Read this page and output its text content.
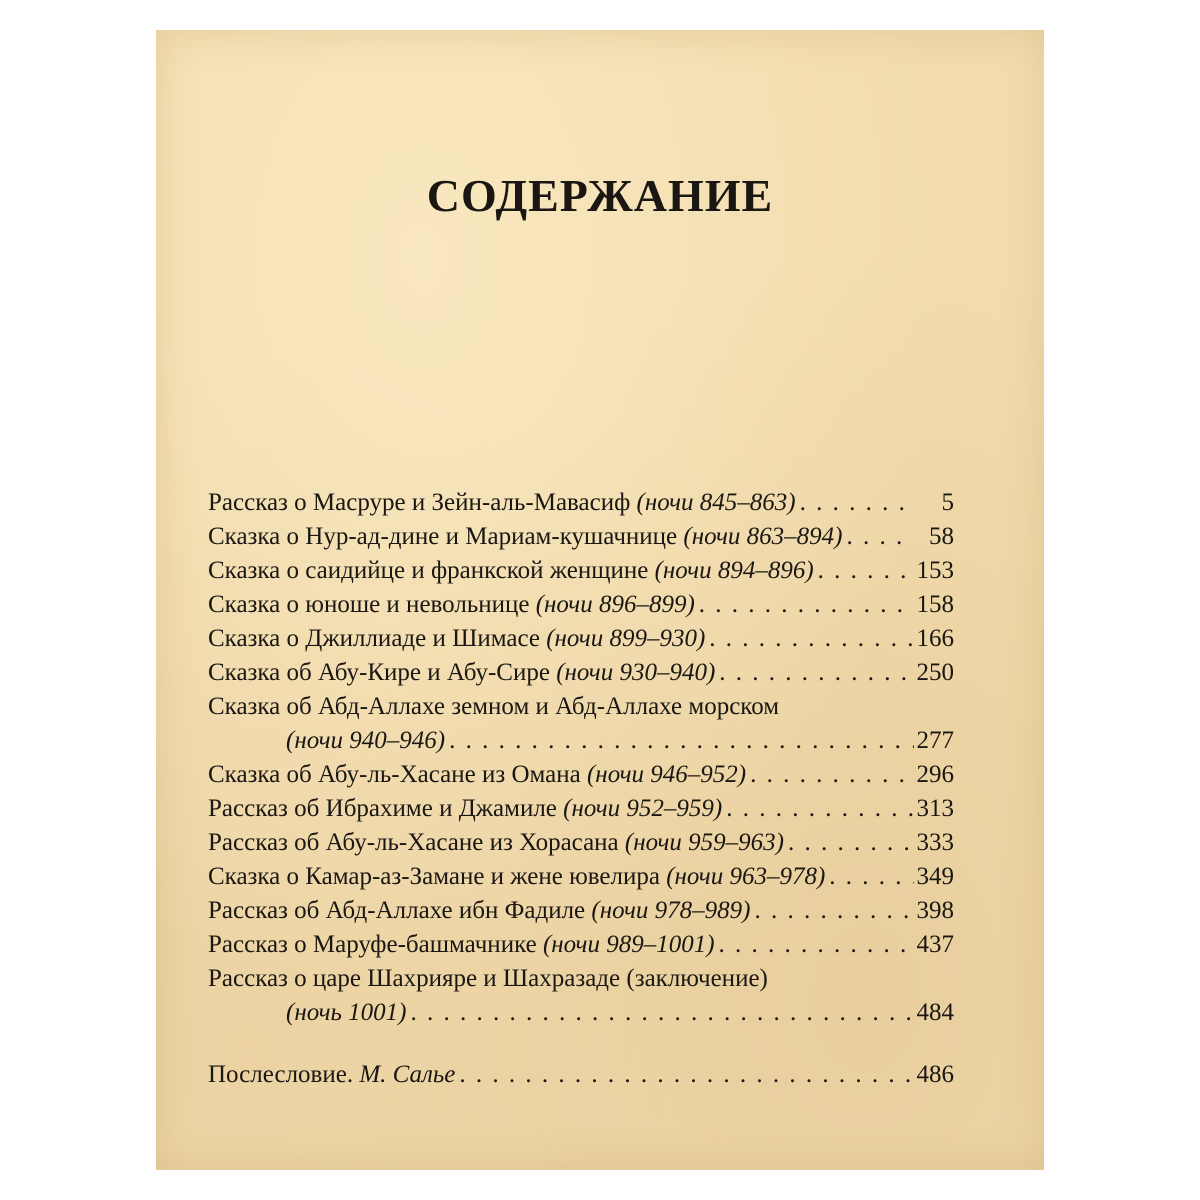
СОДЕРЖАНИЕ
Рассказ о Масруре и Зейн-аль-Мавасиф (ночи 845–863) . . .	5
Сказка о Нур-ад-дине и Мариам-кушачнице (ночи 863–894) . . .	58
Сказка о саидийце и франкской женщине (ночи 894–896) . . .	153
Сказка о юноше и невольнице (ночи 896–899) . . .	158
Сказка о Джиллиаде и Шимасе (ночи 899–930) . . .	166
Сказка об Абу-Кире и Абу-Сире (ночи 930–940) . . .	250
Сказка об Абд-Аллахе земном и Абд-Аллахе морском
(ночи 940–946) . . .	277
Сказка об Абу-ль-Хасане из Омана (ночи 946–952) . . .	296
Рассказ об Ибрахиме и Джамиле (ночи 952–959) . . .	313
Рассказ об Абу-ль-Хасане из Хорасана (ночи 959–963) . . .	333
Сказка о Камар-аз-Замане и жене ювелира (ночи 963–978) . . .	349
Рассказ об Абд-Аллахе ибн Фадиле (ночи 978–989) . . .	398
Рассказ о Маруфе-башмачнике (ночи 989–1001) . . .	437
Рассказ о царе Шахрияре и Шахразаде (заключение)
(ночь 1001) . . .	484
Послесловие. М. Салье . . .	486
